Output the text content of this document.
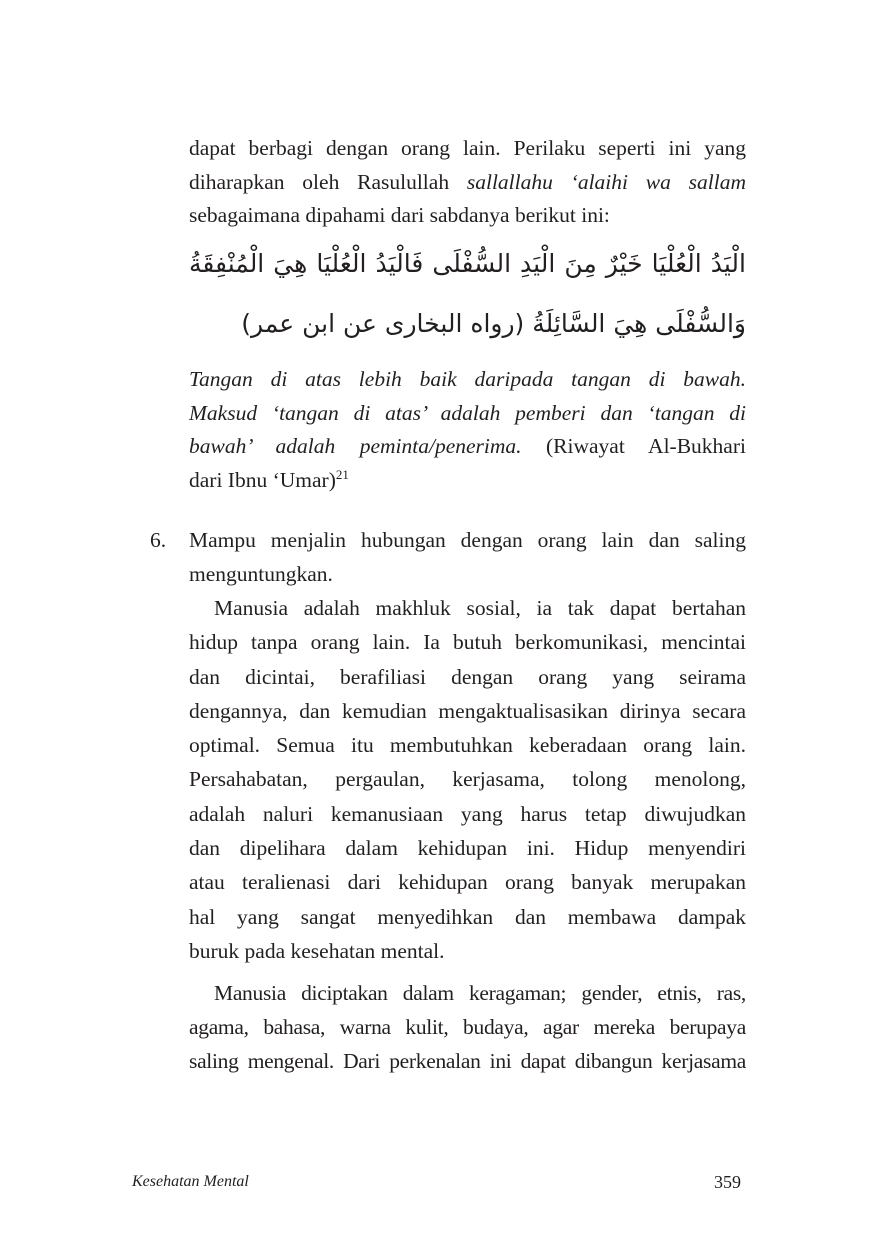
dapat berbagi dengan orang lain. Perilaku seperti ini yang
diharapkan oleh Rasulullah sallallahu ‘alaihi wa sallam
sebagaimana dipahami dari sabdanya berikut ini:
الْيَدُ الْعُلْيَا خَيْرٌ مِنَ الْيَدِ السُّفْلَى فَالْيَدُ الْعُلْيَا هِيَ الْمُنْفِقَةُ
وَالسُّفْلَى هِيَ السَّائِلَةُ (رواه البخارى عن ابن عمر)
Tangan di atas lebih baik daripada tangan di bawah.
Maksud ‘tangan di atas’ adalah pemberi dan ‘tangan di
bawah’ adalah peminta/penerima. (Riwayat Al-Bukhari
dari Ibnu ‘Umar)$^{21}$
6. Mampu menjalin hubungan dengan orang lain dan saling
menguntungkan.
Manusia adalah makhluk sosial, ia tak dapat bertahan
hidup tanpa orang lain. Ia butuh berkomunikasi, mencintai
dan dicintai, berafiliasi dengan orang yang seirama
dengannya, dan kemudian mengaktualisasikan dirinya secara
optimal. Semua itu membutuhkan keberadaan orang lain.
Persahabatan, pergaulan, kerjasama, tolong menolong,
adalah naluri kemanusiaan yang harus tetap diwujudkan
dan dipelihara dalam kehidupan ini. Hidup menyendiri
atau teralienasi dari kehidupan orang banyak merupakan
hal yang sangat menyedihkan dan membawa dampak
buruk pada kesehatan mental.
Manusia diciptakan dalam keragaman; gender, etnis, ras,
agama, bahasa, warna kulit, budaya, agar mereka berupaya
saling mengenal. Dari perkenalan ini dapat dibangun kerjasama
Kesehatan Mental	359
